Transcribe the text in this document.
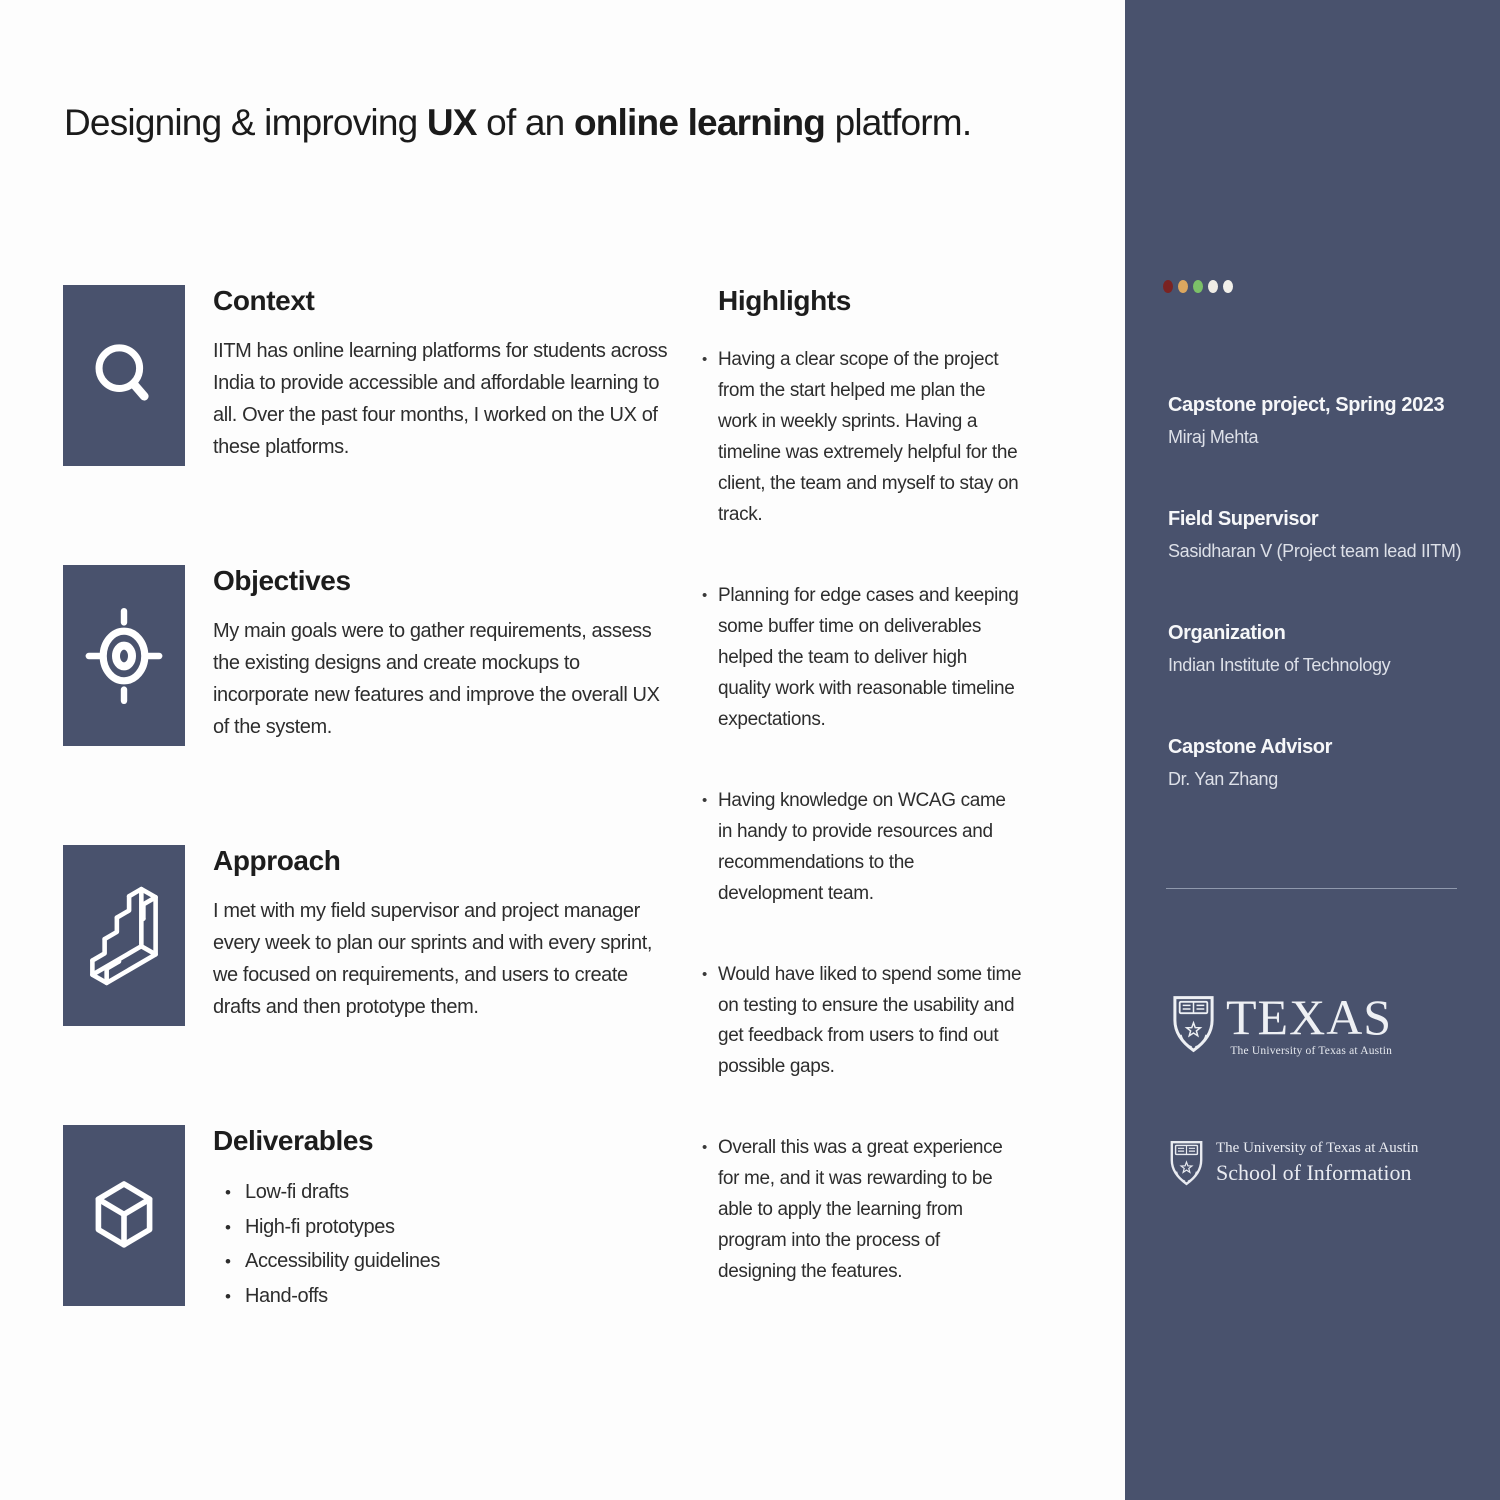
Designing & improving UX of an online learning platform.
Context

IITM has online learning platforms for students across India to provide accessible and affordable learning to all. Over the past four months, I worked on the UX of these platforms.

Objectives

My main goals were to gather requirements, assess the existing designs and create mockups to incorporate new features and improve the overall UX of the system.

Approach

I met with my field supervisor and project manager every week to plan our sprints and with every sprint, we focused on requirements, and users to create drafts and then prototype them.

Deliverables
• Low-fi drafts
• High-fi prototypes
• Accessibility guidelines
• Hand-offs
Highlights
• Having a clear scope of the project from the start helped me plan the work in weekly sprints. Having a timeline was extremely helpful for the client, the team and myself to stay on track.
• Planning for edge cases and keeping some buffer time on deliverables helped the team to deliver high quality work with reasonable timeline expectations.
• Having knowledge on WCAG came in handy to provide resources and recommendations to the development team.
• Would have liked to spend some time on testing to ensure the usability and get feedback from users to find out possible gaps.
• Overall this was a great experience for me, and it was rewarding to be able to apply the learning from program into the process of designing the features.
Capstone project, Spring 2023
Miraj Mehta
Field Supervisor
Sasidharan V (Project team lead IITM)
Organization
Indian Institute of Technology
Capstone Advisor
Dr. Yan Zhang
TEXAS
The University of Texas at Austin
The University of Texas at Austin
School of Information
